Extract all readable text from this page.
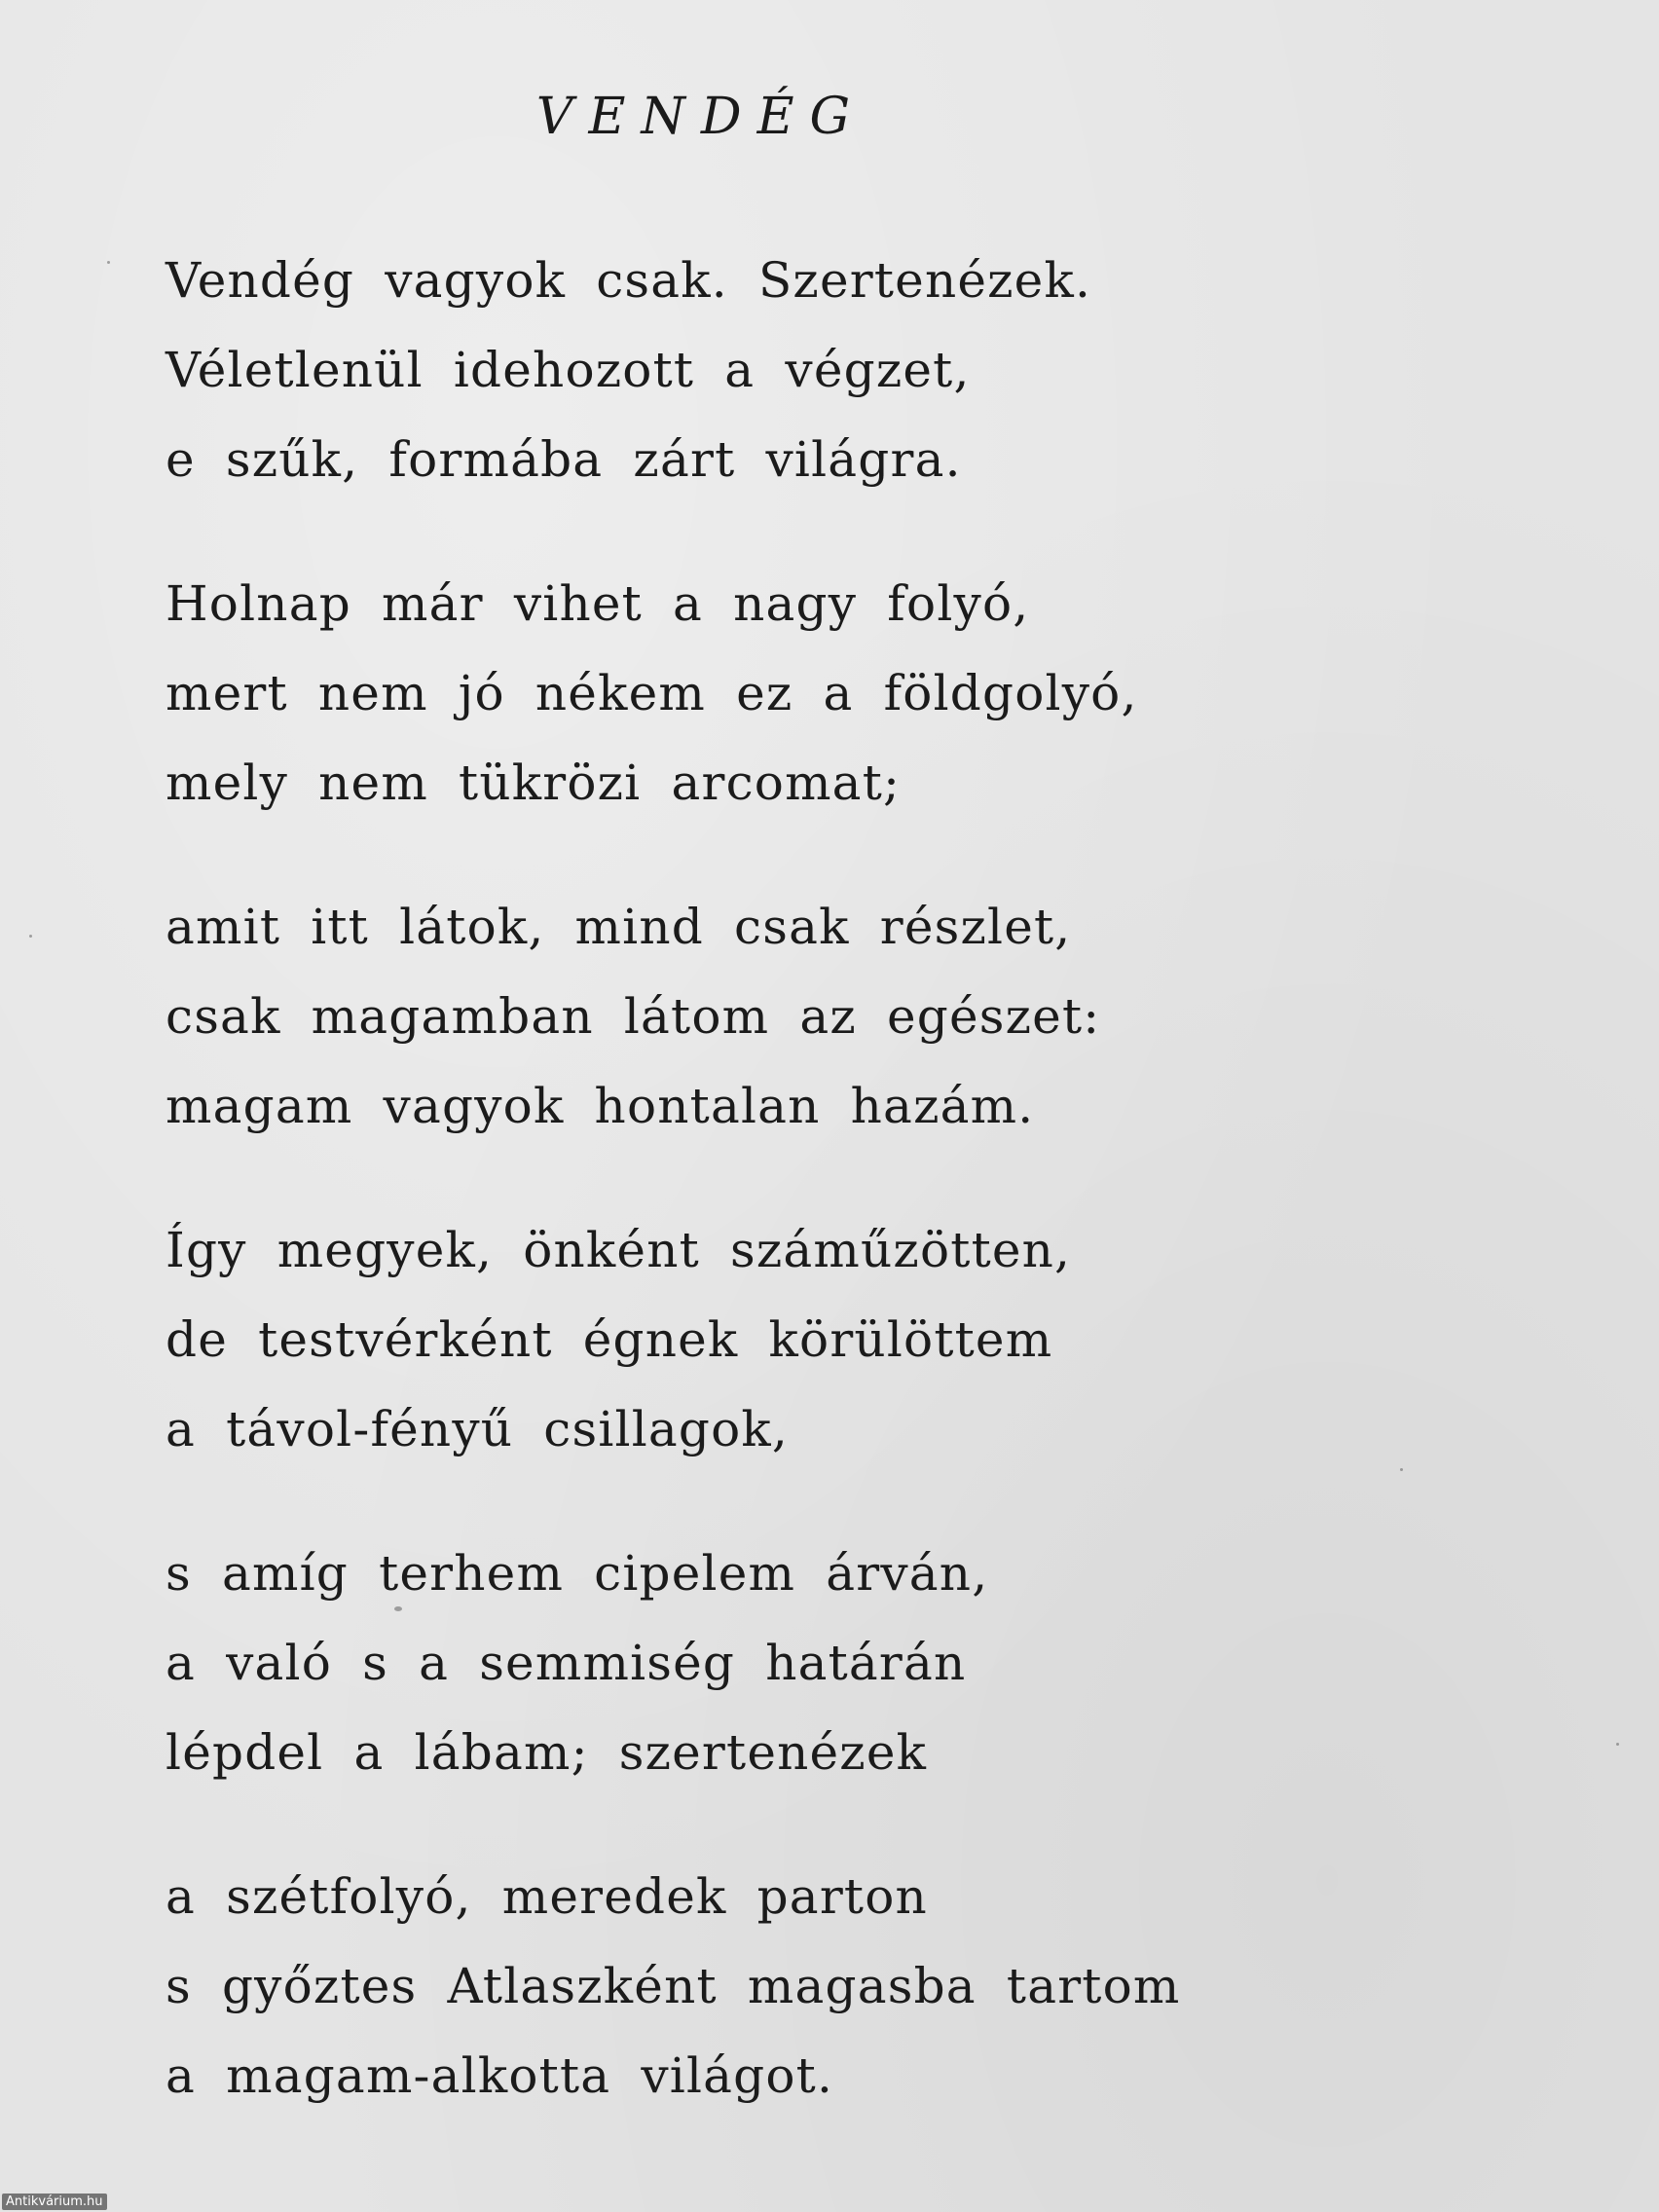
VENDÉG
Vendég vagyok csak. Szertenézek.
Véletlenül idehozott a végzet,
e szűk, formába zárt világra.
Holnap már vihet a nagy folyó,
mert nem jó nékem ez a földgolyó,
mely nem tükrözi arcomat;
amit itt látok, mind csak részlet,
csak magamban látom az egészet:
magam vagyok hontalan hazám.
Így megyek, önként száműzötten,
de testvérként égnek körülöttem
a távol-fényű csillagok,
s amíg terhem cipelem árván,
a való s a semmiség határán
lépdel a lábam; szertenézek
a szétfolyó, meredek parton
s győztes Atlaszként magasba tartom
a magam-alkotta világot.
Antikvárium.hu
